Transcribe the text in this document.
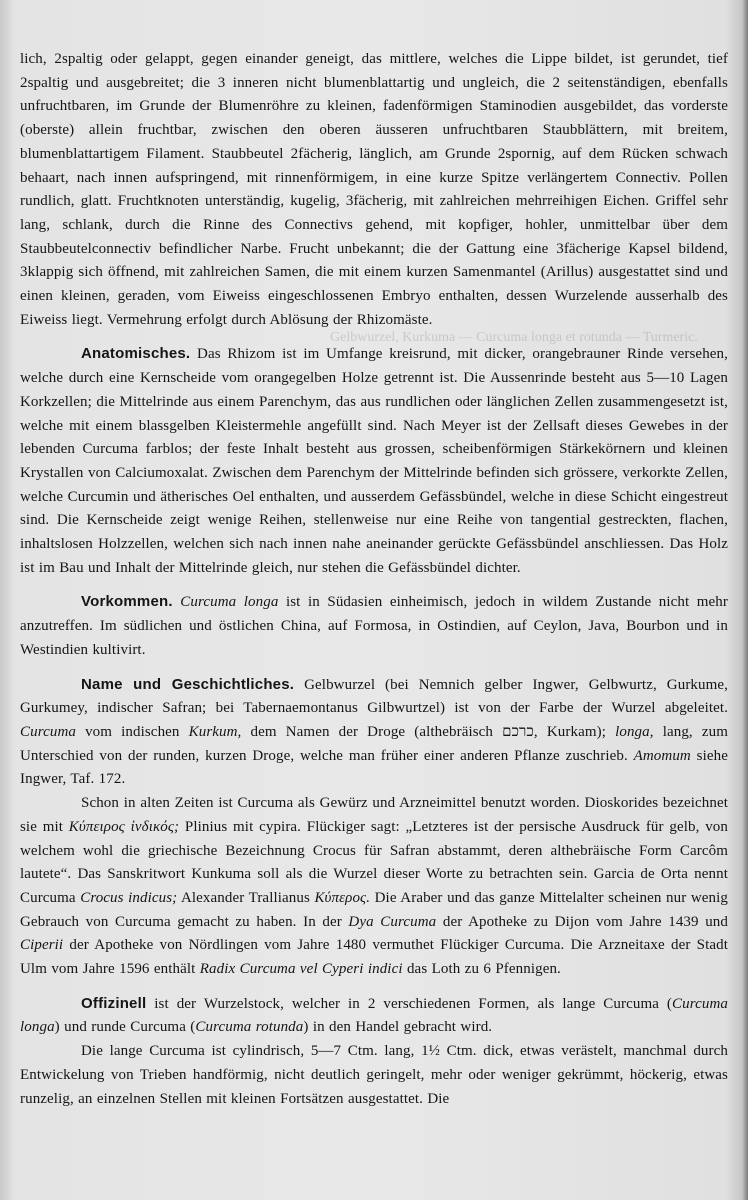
Gelbwurzel, Kurkuma — Curcuma longa et rotunda — Turmeric.

lich, 2spaltig oder gelappt, gegen einander geneigt, das mittlere, welches die Lippe bildet, ist gerundet, tief 2spaltig und ausgebreitet; die 3 inneren nicht blumenblattartig und ungleich, die 2 seitenständigen, ebenfalls unfruchtbaren, im Grunde der Blumenröhre zu kleinen, fadenförmigen Staminodien ausgebildet, das vorderste (oberste) allein fruchtbar, zwischen den oberen äusseren unfruchtbaren Staubblättern, mit breitem, blumenblattartigem Filament. Staubbeutel 2fächerig, länglich, am Grunde 2spornig, auf dem Rücken schwach behaart, nach innen aufspringend, mit rinnenförmigem, in eine kurze Spitze verlängertem Connectiv. Pollen rundlich, glatt. Fruchtknoten unterständig, kugelig, 3fächerig, mit zahlreichen mehrreihigen Eichen. Griffel sehr lang, schlank, durch die Rinne des Connectivs gehend, mit kopfiger, hohler, unmittelbar über dem Staubbeutelconnectiv befindlicher Narbe. Frucht unbekannt; die der Gattung eine 3fächerige Kapsel bildend, 3klappig sich öffnend, mit zahlreichen Samen, die mit einem kurzen Samenmantel (Arillus) ausgestattet sind und einen kleinen, geraden, vom Eiweiss eingeschlossenen Embryo enthalten, dessen Wurzelende ausserhalb des Eiweiss liegt. Vermehrung erfolgt durch Ablösung der Rhizomäste.

Anatomisches. Das Rhizom ist im Umfange kreisrund, mit dicker, orangebrauner Rinde versehen, welche durch eine Kernscheide vom orangegelben Holze getrennt ist. Die Aussenrinde besteht aus 5—10 Lagen Korkzellen; die Mittelrinde aus einem Parenchym, das aus rundlichen oder länglichen Zellen zusammengesetzt ist, welche mit einem blassgelben Kleistermehle angefüllt sind. Nach Meyer ist der Zellsaft dieses Gewebes in der lebenden Curcuma farblos; der feste Inhalt besteht aus grossen, scheibenförmigen Stärkekörnern und kleinen Krystallen von Calciumoxalat. Zwischen dem Parenchym der Mittelrinde befinden sich grössere, verkorkte Zellen, welche Curcumin und ätherisches Oel enthalten, und ausserdem Gefässbündel, welche in diese Schicht eingestreut sind. Die Kernscheide zeigt wenige Reihen, stellenweise nur eine Reihe von tangential gestreckten, flachen, inhaltslosen Holzzellen, welchen sich nach innen nahe aneinander gerückte Gefässbündel anschliessen. Das Holz ist im Bau und Inhalt der Mittelrinde gleich, nur stehen die Gefässbündel dichter.

Vorkommen. Curcuma longa ist in Südasien einheimisch, jedoch in wildem Zustande nicht mehr anzutreffen. Im südlichen und östlichen China, auf Formosa, in Ostindien, auf Ceylon, Java, Bourbon und in Westindien kultivirt.

Name und Geschichtliches. Gelbwurzel (bei Nemnich gelber Ingwer, Gelbwurtz, Gurkume, Gurkumey, indischer Safran; bei Tabernaemontanus Gilbwurtzel) ist von der Farbe der Wurzel abgeleitet. Curcuma vom indischen Kurkum, dem Namen der Droge (althebräisch כרכם, Kurkam); longa, lang, zum Unterschied von der runden, kurzen Droge, welche man früher einer anderen Pflanze zuschrieb. Amomum siehe Ingwer, Taf. 172.

Schon in alten Zeiten ist Curcuma als Gewürz und Arzneimittel benutzt worden. Dioskorides bezeichnet sie mit Κύπειρος ἰνδικός; Plinius mit cypira. Flückiger sagt: „Letzteres ist der persische Ausdruck für gelb, von welchem wohl die griechische Bezeichnung Crocus für Safran abstammt, deren althebräische Form Carcôm lautete“. Das Sanskritwort Kunkuma soll als die Wurzel dieser Worte zu betrachten sein. Garcia de Orta nennt Curcuma Crocus indicus; Alexander Trallianus Κύπερος. Die Araber und das ganze Mittelalter scheinen nur wenig Gebrauch von Curcuma gemacht zu haben. In der Dya Curcuma der Apotheke zu Dijon vom Jahre 1439 und Ciperii der Apotheke von Nördlingen vom Jahre 1480 vermuthet Flückiger Curcuma. Die Arzneitaxe der Stadt Ulm vom Jahre 1596 enthält Radix Curcuma vel Cyperi indici das Loth zu 6 Pfennigen.

Offizinell ist der Wurzelstock, welcher in 2 verschiedenen Formen, als lange Curcuma (Curcuma longa) und runde Curcuma (Curcuma rotunda) in den Handel gebracht wird.

Die lange Curcuma ist cylindrisch, 5—7 Ctm. lang, 1½ Ctm. dick, etwas verästelt, manchmal durch Entwickelung von Trieben handförmig, nicht deutlich geringelt, mehr oder weniger gekrümmt, höckerig, etwas runzelig, an einzelnen Stellen mit kleinen Fortsätzen ausgestattet. Die
